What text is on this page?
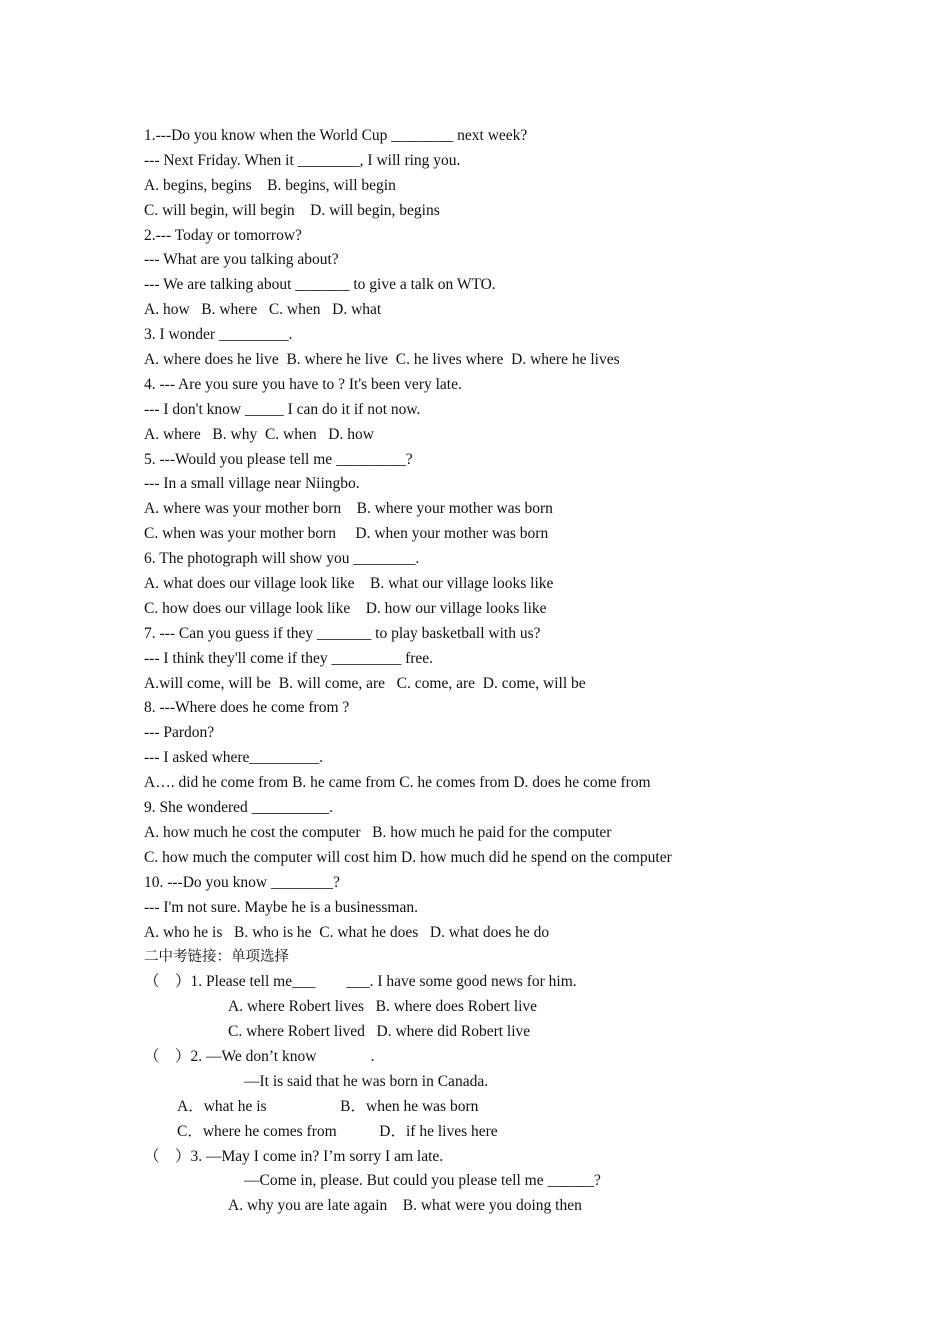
1.---Do you know when the World Cup ________ next week?
--- Next Friday. When it ________, I will ring you.
A. begins, begins    B. begins, will begin
C. will begin, will begin    D. will begin, begins
2.--- Today or tomorrow?
--- What are you talking about?
--- We are talking about _______ to give a talk on WTO.
A. how   B. where   C. when   D. what
3. I wonder _________.
A. where does he live  B. where he live  C. he lives where  D. where he lives
4. --- Are you sure you have to ? It's been very late.
--- I don't know _____ I can do it if not now.
A. where   B. why  C. when   D. how
5. ---Would you please tell me _________?
--- In a small village near Niingbo.
A. where was your mother born    B. where your mother was born
C. when was your mother born     D. when your mother was born
6. The photograph will show you ________.
A. what does our village look like    B. what our village looks like
C. how does our village look like    D. how our village looks like
7. --- Can you guess if they _______ to play basketball with us?
--- I think they'll come if they _________ free.
A.will come, will be  B. will come, are   C. come, are  D. come, will be
8. ---Where does he come from ?
--- Pardon?
--- I asked where_________.
A…. did he come from B. he came from C. he comes from D. does he come from
9. She wondered __________.
A. how much he cost the computer   B. how much he paid for the computer
C. how much the computer will cost him D. how much did he spend on the computer
10. ---Do you know ________?
--- I'm not sure. Maybe he is a businessman.
A. who he is   B. who is he  C. what he does   D. what does he do
二中考链接：单项选择
（    ）1. Please tell me___        ___. I have some good news for him.
A. where Robert lives   B. where does Robert live
C. where Robert lived   D. where did Robert live
（    ）2. —We don’t know              .
—It is said that he was born in Canada.
A．what he is                   B．when he was born
C．where he comes from           D．if he lives here
（    ）3. —May I come in? I’m sorry I am late.
—Come in, please. But could you please tell me ______?
A. why you are late again    B. what were you doing then
